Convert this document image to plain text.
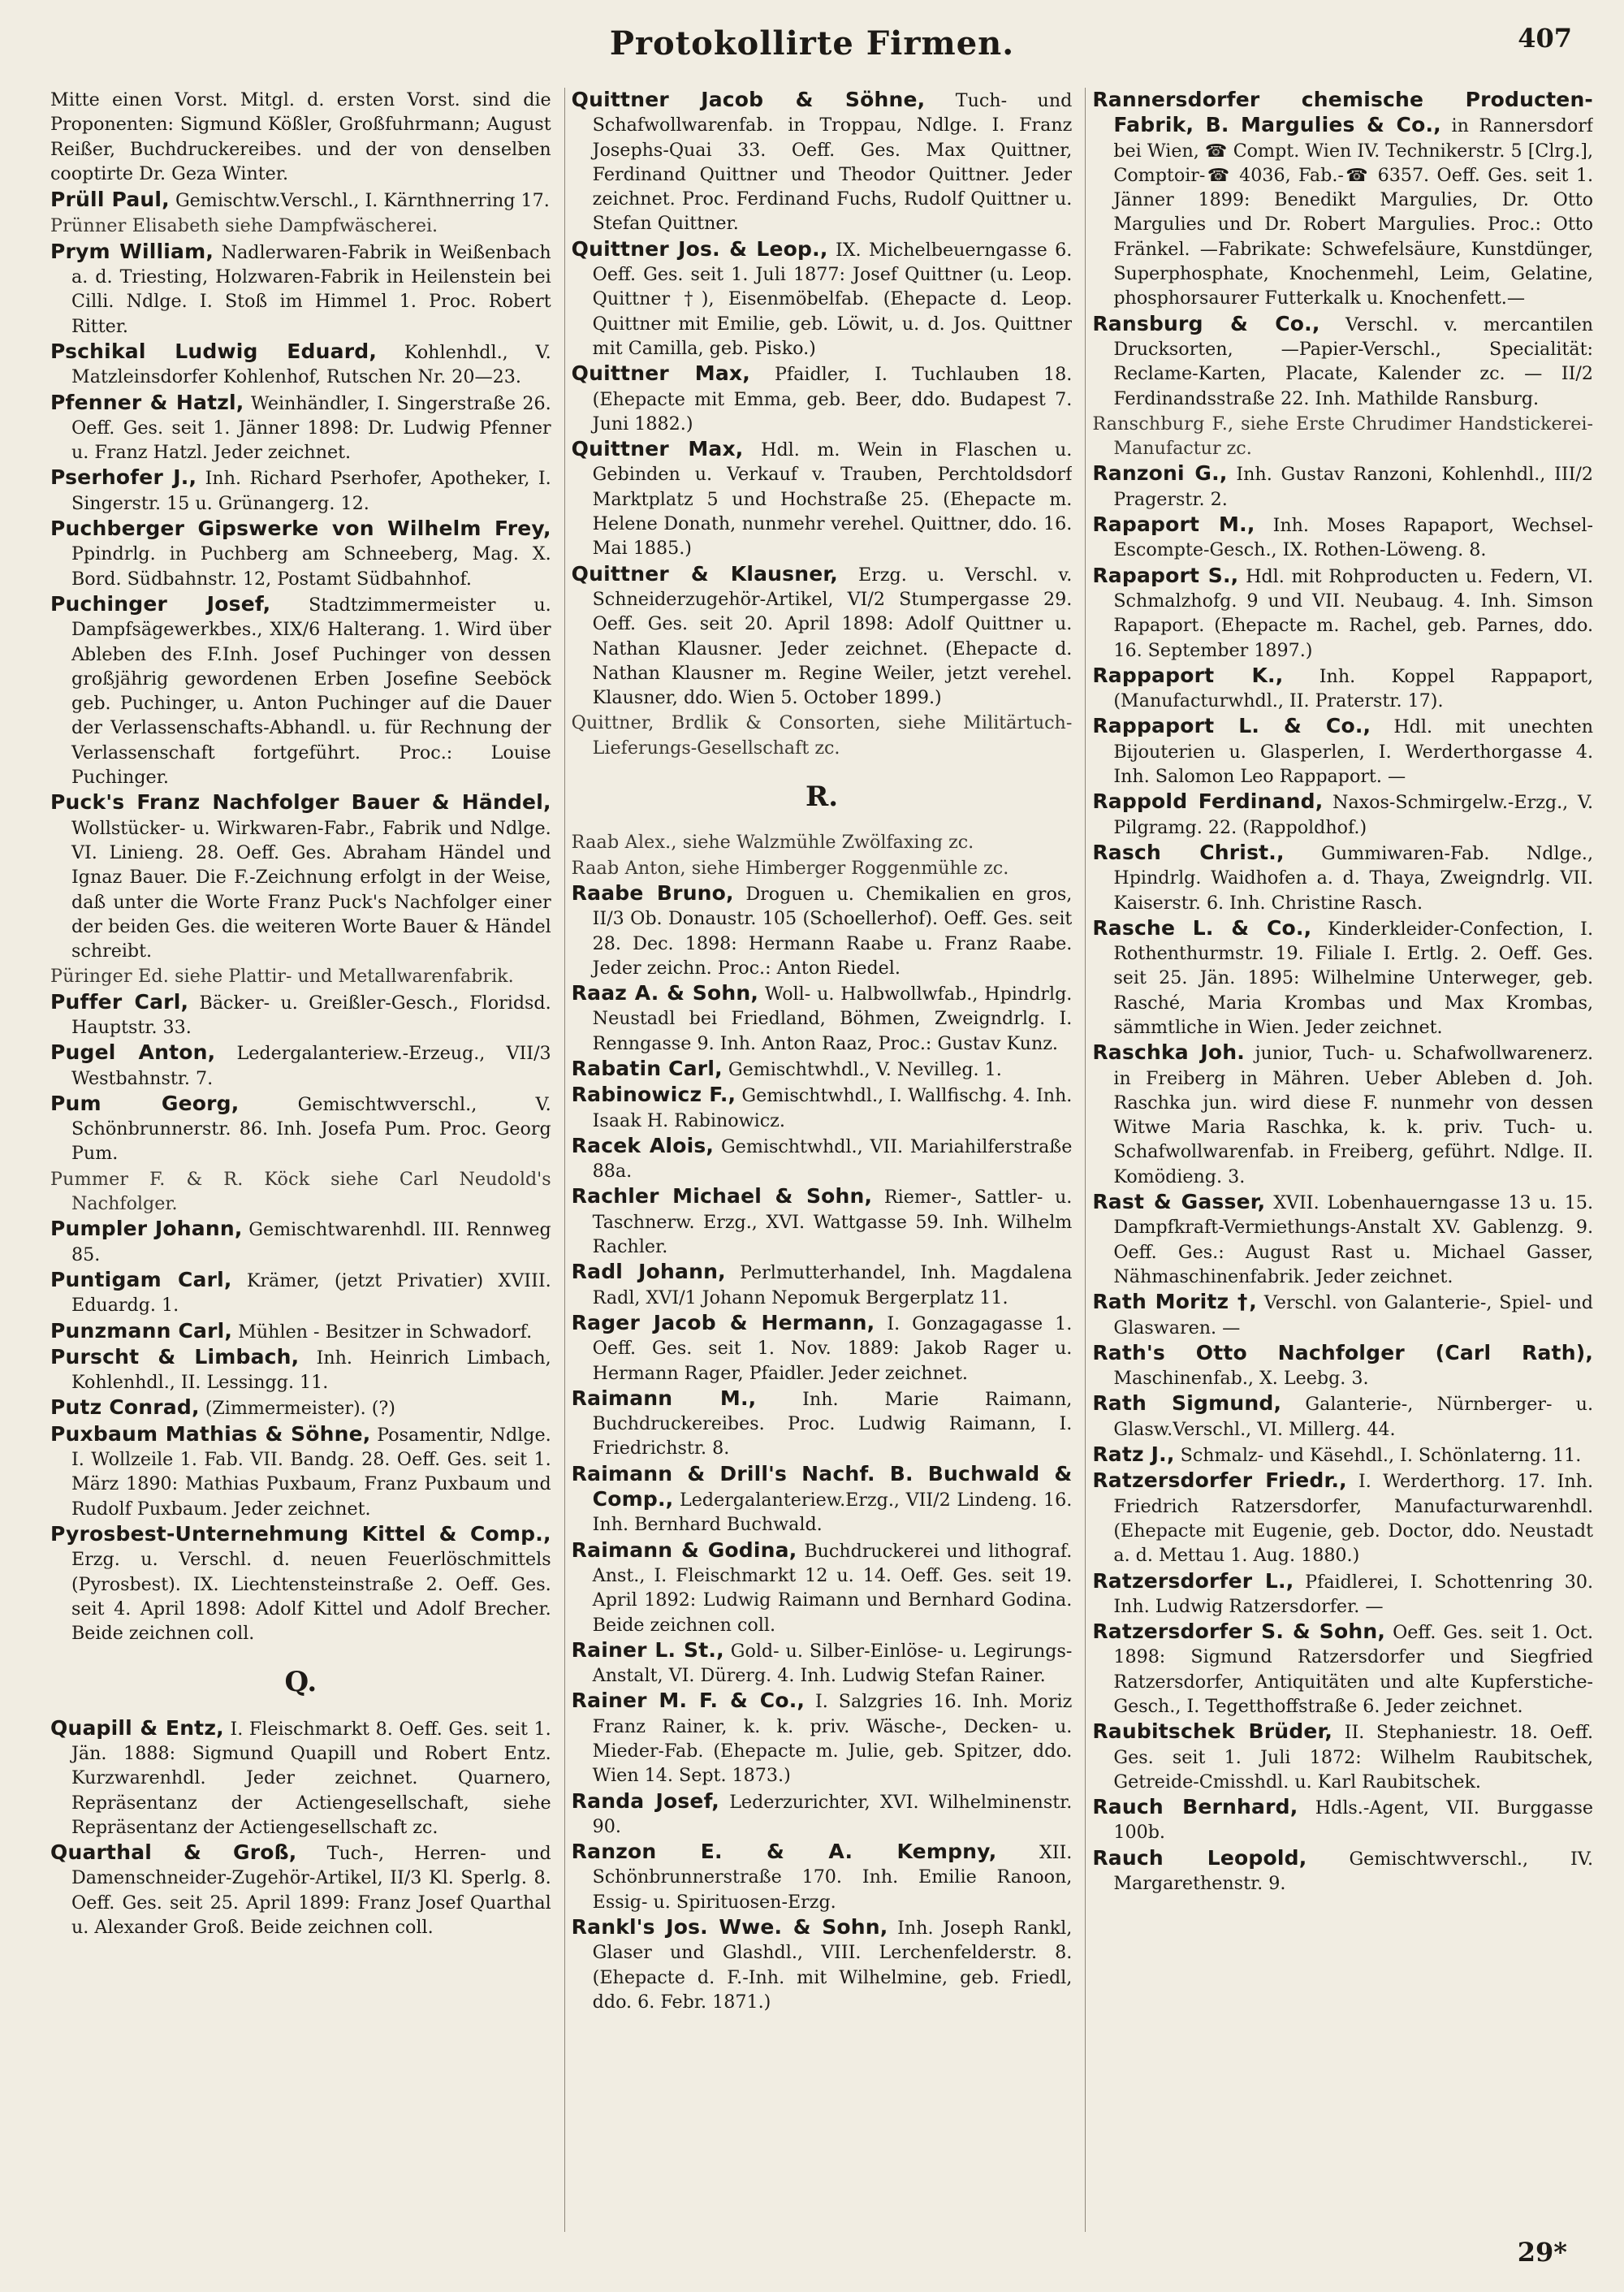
Protokollirte Firmen.	407
Mitte einen Vorst. Mitgl. d. ersten Vorst. sind die Proponenten: Sigmund Kößler, Großfuhrmann; August Reißer, Buchdruckereibes. und der von denselben cooptirte Dr. Geza Winter.
Prüll Paul, Gemischtw.Verschl., I. Kärnthnerring 17.
Prünner Elisabeth siehe Dampfwäscherei.
Prym William, Nadlerwaren-Fabrik in Weißenbach a. d. Triesting, Holzwaren-Fabrik in Heilenstein bei Cilli. Ndlge. I. Stoß im Himmel 1. Proc. Robert Ritter.
Pschikal Ludwig Eduard, Kohlenhdl., V. Matzleinsdorfer Kohlenhof, Rutschen Nr. 20—23.
Pfenner & Hatzl, Weinhändler, I. Singerstraße 26. Oeff. Ges. seit 1. Jänner 1898: Dr. Ludwig Pfenner u. Franz Hatzl. Jeder zeichnet.
Pserhofer J., Inh. Richard Pserhofer, Apotheker, I. Singerstr. 15 u. Grünangerg. 12.
Puchberger Gipswerke von Wilhelm Frey, Ppindrlg. in Puchberg am Schneeberg, Mag. X. Bord. Südbahnstr. 12, Postamt Südbahnhof.
Puchinger Josef, Stadtzimmermeister u. Dampfsägewerkbes., XIX/6 Halterang. 1. Wird über Ableben des F.Inh. Josef Puchinger von dessen großjährig gewordenen Erben Josefine Seeböck geb. Puchinger, u. Anton Puchinger auf die Dauer der Verlassenschafts-Abhandl. u. für Rechnung der Verlassenschaft fortgeführt. Proc.: Louise Puchinger.
Puck's Franz Nachfolger Bauer & Händel, Wollstücker- u. Wirkwaren-Fabr., Fabrik und Ndlge. VI. Linieng. 28. Oeff. Ges. Abraham Händel und Ignaz Bauer. Die F.-Zeichnung erfolgt in der Weise, daß unter die Worte Franz Puck's Nachfolger einer der beiden Ges. die weiteren Worte Bauer & Händel schreibt.
Püringer Ed. siehe Plattir- und Metallwarenfabrik.
Puffer Carl, Bäcker- u. Greißler-Gesch., Floridsd. Hauptstr. 33.
Pugel Anton, Ledergalanteriew.-Erzeug., VII/3 Westbahnstr. 7.
Pum Georg,	Gemischtwverschl., V. Schönbrunnerstr. 86. Inh. Josefa Pum. Proc. Georg Pum.
Pummer F. & R. Köck siehe Carl Neudold's Nachfolger.
Pumpler Johann, Gemischtwarenhdl. III. Rennweg 85.
Puntigam Carl, Krämer, (jetzt Privatier) XVIII. Eduardg. 1.
Punzmann Carl, Mühlen - Besitzer in Schwadorf.
Purscht & Limbach, Inh. Heinrich Limbach, Kohlenhdl., II. Lessingg. 11.
Putz Conrad, (Zimmermeister). (?)
Puxbaum Mathias & Söhne, Posamentir, Ndlge. I. Wollzeile 1. Fab. VII. Bandg. 28. Oeff. Ges. seit 1. März 1890: Mathias Puxbaum, Franz Puxbaum und Rudolf Puxbaum. Jeder zeichnet.
Pyrosbest-Unternehmung Kittel & Comp., Erzg. u. Verschl. d. neuen Feuerlöschmittels (Pyrosbest). IX. Liechtensteinstraße 2. Oeff. Ges. seit 4. April 1898: Adolf Kittel und Adolf Brecher. Beide zeichnen coll.
Q.
Quapill & Entz, I. Fleischmarkt 8. Oeff. Ges. seit 1. Jän. 1888: Sigmund Quapill und Robert Entz. Kurzwarenhdl. Jeder zeichnet. Quarnero, Repräsentanz der Actiengesellschaft, siehe Repräsentanz der Actiengesellschaft zc.
Quarthal & Groß, Tuch-, Herren- und Damenschneider-Zugehör-Artikel, II/3 Kl. Sperlg. 8. Oeff. Ges. seit 25. April 1899: Franz Josef Quarthal u. Alexander Groß. Beide zeichnen coll.
Quittner Jacob & Söhne, Tuch- und Schafwollwarenfab. in Troppau, Ndlge. I. Franz Josephs-Quai 33. Oeff. Ges. Max Quittner, Ferdinand Quittner und Theodor Quittner. Jeder zeichnet. Proc. Ferdinand Fuchs, Rudolf Quittner u. Stefan Quittner.
Quittner Jos. & Leop., IX. Michelbeuerngasse 6. Oeff. Ges. seit 1. Juli 1877: Josef Quittner (u. Leop. Quittner †), Eisenmöbelfab. (Ehepacte d. Leop. Quittner mit Emilie, geb. Löwit, u. d. Jos. Quittner mit Camilla, geb. Pisko.)
Quittner Max, Pfaidler, I. Tuchlauben 18. (Ehepacte mit Emma, geb. Beer, ddo. Budapest 7. Juni 1882.)
Quittner Max, Hdl. m. Wein in Flaschen u. Gebinden u. Verkauf v. Trauben, Perchtoldsdorf Marktplatz 5 und Hochstraße 25. (Ehepacte m. Helene Donath, nunmehr verehel. Quittner, ddo. 16. Mai 1885.)
Quittner & Klausner, Erzg. u. Verschl. v. Schneiderzugehör-Artikel, VI/2 Stumpergasse 29. Oeff. Ges. seit 20. April 1898: Adolf Quittner u. Nathan Klausner. Jeder zeichnet. (Ehepacte d. Nathan Klausner m. Regine Weiler, jetzt verehel. Klausner, ddo. Wien 5. October 1899.)
Quittner, Brdlik & Consorten, siehe Militärtuch-Lieferungs-Gesellschaft zc.
R.
Raab Alex., siehe Walzmühle Zwölfaxing zc.
Raab Anton, siehe Himberger Roggenmühle zc.
Raabe Bruno, Droguen u. Chemikalien en gros, II/3 Ob. Donaustr. 105 (Schoellerhof). Oeff. Ges. seit 28. Dec. 1898: Hermann Raabe u. Franz Raabe. Jeder zeichn. Proc.: Anton Riedel.
Raaz A. & Sohn, Woll- u. Halbwollwfab., Hpindrlg. Neustadl bei Friedland, Böhmen, Zweigndrlg. I. Renngasse 9. Inh. Anton Raaz, Proc.: Gustav Kunz.
Rabatin Carl, Gemischtwhdl., V. Nevilleg. 1.
Rabinowicz F., Gemischtwhdl., I. Wallfischg. 4. Inh. Isaak H. Rabinowicz.
Racek Alois, Gemischtwhdl., VII. Mariahilferstraße 88a.
Rachler Michael & Sohn, Riemer-, Sattler- u. Taschnerw. Erzg., XVI. Wattgasse 59. Inh. Wilhelm Rachler.
Radl Johann, Perlmutterhandel, Inh. Magdalena Radl, XVI/1 Johann Nepomuk Bergerplatz 11.
Rager Jacob & Hermann, I. Gonzagagasse 1. Oeff. Ges. seit 1. Nov. 1889: Jakob Rager u. Hermann Rager, Pfaidler. Jeder zeichnet.
Raimann M.,	Inh. Marie Raimann, Buchdruckereibes. Proc. Ludwig Raimann, I. Friedrichstr. 8.
Raimann & Drill's Nachf. B. Buchwald & Comp., Ledergalanteriew.Erzg., VII/2 Lindeng. 16. Inh. Bernhard Buchwald.
Raimann & Godina, Buchdruckerei und lithograf. Anst., I. Fleischmarkt 12 u. 14. Oeff. Ges. seit 19. April 1892: Ludwig Raimann und Bernhard Godina. Beide zeichnen coll.
Rainer L. St., Gold- u. Silber-Einlöse- u. Legirungs-Anstalt, VI. Dürerg. 4. Inh. Ludwig Stefan Rainer.
Rainer M. F. & Co., I. Salzgries 16. Inh. Moriz Franz Rainer, k. k. priv. Wäsche-, Decken- u. Mieder-Fab. (Ehepacte m. Julie, geb. Spitzer, ddo. Wien 14. Sept. 1873.)
Randa Josef, Lederzurichter, XVI. Wilhelminenstr. 90.
Ranzon E. & A. Kempny, XII. Schönbrunnerstraße 170. Inh. Emilie Ranoon, Essig- u. Spirituosen-Erzg.
Rankl's Jos. Wwe. & Sohn, Inh. Joseph Rankl, Glaser und Glashdl., VIII. Lerchenfelderstr. 8. (Ehepacte d. F.-Inh. mit Wilhelmine, geb. Friedl, ddo. 6. Febr. 1871.)
Rannersdorfer chemische Producten-Fabrik, B. Margulies & Co., in Rannersdorf bei Wien, ☎ Compt. Wien IV. Technikerstr. 5 [Clrg.], Comptoir-☎ 4036, Fab.-☎ 6357. Oeff. Ges. seit 1. Jänner 1899: Benedikt Margulies, Dr. Otto Margulies und Dr. Robert Margulies. Proc.: Otto Fränkel. —Fabrikate: Schwefelsäure, Kunstdünger, Superphosphate, Knochenmehl, Leim, Gelatine, phosphorsaurer Futterkalk u. Knochenfett.—
Ransburg & Co., Verschl. v. mercantilen Drucksorten, —Papier-Verschl., Specialität: Reclame-Karten, Placate, Kalender zc. — II/2 Ferdinandsstraße 22. Inh. Mathilde Ransburg.
Ranschburg F., siehe Erste Chrudimer Handstickerei-Manufactur zc.
Ranzoni G., Inh. Gustav Ranzoni, Kohlenhdl., III/2 Pragerstr. 2.
Rapaport M., Inh. Moses Rapaport, Wechsel-Escompte-Gesch., IX. Rothen-Löweng. 8.
Rapaport S., Hdl. mit Rohproducten u. Federn, VI. Schmalzhofg. 9 und VII. Neubaug. 4. Inh. Simson Rapaport. (Ehepacte m. Rachel, geb. Parnes, ddo. 16. September 1897.)
Rappaport K., Inh. Koppel Rappaport, (Manufacturwhdl., II. Praterstr. 17).
Rappaport L. & Co., Hdl. mit unechten Bijouterien u. Glasperlen, I. Werderthorgasse 4. Inh. Salomon Leo Rappaport. —
Rappold Ferdinand, Naxos-Schmirgelw.-Erzg., V. Pilgramg. 22. (Rappoldhof.)
Rasch Christ., Gummiwaren-Fab. Ndlge., Hpindrlg. Waidhofen a. d. Thaya, Zweigndrlg. VII. Kaiserstr. 6. Inh. Christine Rasch.
Rasche L. & Co., Kinderkleider-Confection, I. Rothenthurmstr. 19. Filiale I. Ertlg. 2. Oeff. Ges. seit 25. Jän. 1895: Wilhelmine Unterweger, geb. Rasché, Maria Krombas und Max Krombas, sämmtliche in Wien. Jeder zeichnet.
Raschka Joh. junior, Tuch- u. Schafwollwarenerz. in Freiberg in Mähren. Ueber Ableben d. Joh. Raschka jun. wird diese F. nunmehr von dessen Witwe Maria Raschka, k. k. priv. Tuch- u. Schafwollwarenfab. in Freiberg, geführt. Ndlge. II. Komödieng. 3.
Rast & Gasser, XVII. Lobenhauerngasse 13 u. 15. Dampfkraft-Vermiethungs-Anstalt XV. Gablenzg. 9. Oeff. Ges.: August Rast u. Michael Gasser, Nähmaschinenfabrik. Jeder zeichnet.
Rath Moritz †, Verschl. von Galanterie-, Spiel- und Glaswaren. —
Rath's Otto Nachfolger (Carl Rath), Maschinenfab., X. Leebg. 3.
Rath Sigmund, Galanterie-, Nürnberger- u. Glasw.Verschl., VI. Millerg. 44.
Ratz J., Schmalz- und Käsehdl., I. Schönlaterng. 11.
Ratzersdorfer Friedr., I. Werderthorg. 17. Inh. Friedrich Ratzersdorfer, Manufacturwarenhdl. (Ehepacte mit Eugenie, geb. Doctor, ddo. Neustadt a. d. Mettau 1. Aug. 1880.)
Ratzersdorfer L., Pfaidlerei, I. Schottenring 30. Inh. Ludwig Ratzersdorfer. —
Ratzersdorfer S. & Sohn, Oeff. Ges. seit 1. Oct. 1898: Sigmund Ratzersdorfer und Siegfried Ratzersdorfer, Antiquitäten und alte Kupferstiche-Gesch., I. Tegetthoffstraße 6. Jeder zeichnet.
Raubitschek Brüder, II. Stephaniestr. 18. Oeff. Ges. seit 1. Juli 1872: Wilhelm Raubitschek, Getreide-Cmisshdl. u. Karl Raubitschek.
Rauch Bernhard, Hdls.-Agent, VII. Burggasse 100b.
Rauch Leopold, Gemischtwverschl., IV. Margarethenstr. 9.
29*
